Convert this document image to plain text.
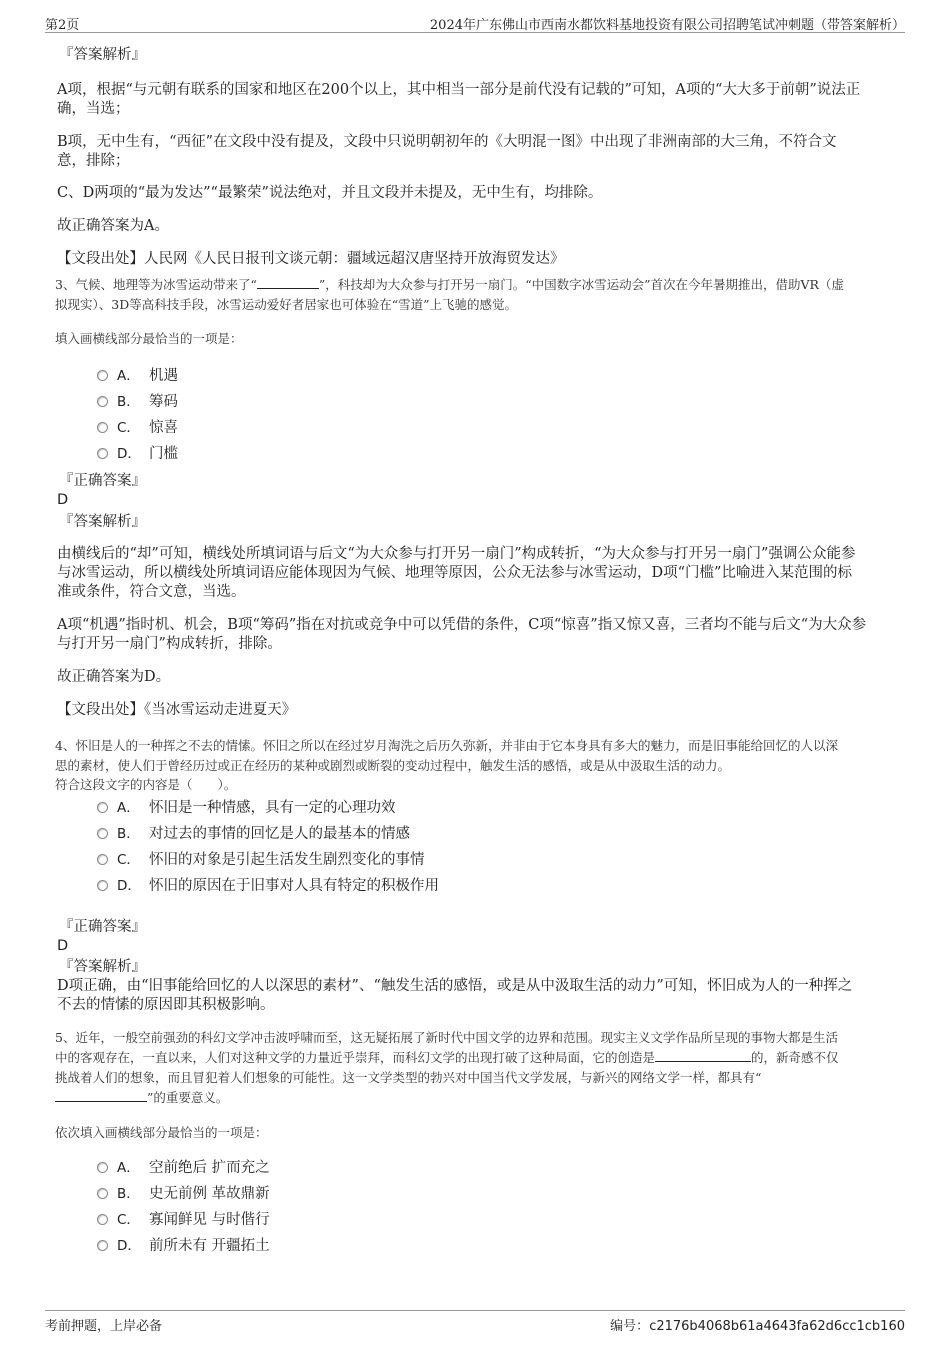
第2页	2024年广东佛山市西南水都饮料基地投资有限公司招聘笔试冲刺题（带答案解析）
『答案解析』
A项，根据“与元朝有联系的国家和地区在200个以上，其中相当一部分是前代没有记载的”可知，A项的“大大多于前朝”说法正
确，当选；
B项，无中生有，“西征”在文段中没有提及，文段中只说明朝初年的《大明混一图》中出现了非洲南部的大三角，不符合文
意，排除；
C、D两项的“最为发达”“最繁荣”说法绝对，并且文段并未提及，无中生有，均排除。
故正确答案为A。
【文段出处】人民网《人民日报刊文谈元朝：疆域远超汉唐坚持开放海贸发达》
3、气候、地理等为冰雪运动带来了“	”，科技却为大众参与打开另一扇门。“中国数字冰雪运动会”首次在今年暑期推出，借助VR（虚
拟现实）、3D等高科技手段，冰雪运动爱好者居家也可体验在“雪道”上飞驰的感觉。
填入画横线部分最恰当的一项是：
A． 机遇
B． 筹码
C． 惊喜
D． 门槛
『正确答案』
D
『答案解析』
由横线后的“却”可知，横线处所填词语与后文“为大众参与打开另一扇门”构成转折，“为大众参与打开另一扇门”强调公众能参
与冰雪运动，所以横线处所填词语应能体现因为气候、地理等原因，公众无法参与冰雪运动，D项“门槛”比喻进入某范围的标
准或条件，符合文意，当选。
A项“机遇”指时机、机会，B项“筹码”指在对抗或竞争中可以凭借的条件，C项“惊喜”指又惊又喜，三者均不能与后文“为大众参
与打开另一扇门”构成转折，排除。
故正确答案为D。
【文段出处】《当冰雪运动走进夏天》
4、怀旧是人的一种挥之不去的情愫。怀旧之所以在经过岁月淘洗之后历久弥新，并非由于它本身具有多大的魅力，而是旧事能给回忆的人以深
思的素材，使人们于曾经历过或正在经历的某种或剧烈或断裂的变动过程中，触发生活的感悟，或是从中汲取生活的动力。
符合这段文字的内容是（　　）。
A． 怀旧是一种情感，具有一定的心理功效
B． 对过去的事情的回忆是人的最基本的情感
C． 怀旧的对象是引起生活发生剧烈变化的事情
D． 怀旧的原因在于旧事对人具有特定的积极作用
『正确答案』
D
『答案解析』
D项正确，由“旧事能给回忆的人以深思的素材”、“触发生活的感悟，或是从中汲取生活的动力”可知，怀旧成为人的一种挥之
不去的情愫的原因即其积极影响。
5、近年，一般空前强劲的科幻文学冲击波呼啸而至，这无疑拓展了新时代中国文学的边界和范围。现实主义文学作品所呈现的事物大都是生活
中的客观存在，一直以来，人们对这种文学的力量近乎崇拜，而科幻文学的出现打破了这种局面，它的创造是	的，新奇感不仅
挑战着人们的想象，而且冒犯着人们想象的可能性。这一文学类型的勃兴对中国当代文学发展，与新兴的网络文学一样，都具有“
”的重要意义。
依次填入画横线部分最恰当的一项是：
A． 空前绝后 扩而充之
B． 史无前例 革故鼎新
C． 寡闻鲜见 与时偕行
D． 前所未有 开疆拓土
考前押题，上岸必备	编号：c2176b4068b61a4643fa62d6cc1cb160
